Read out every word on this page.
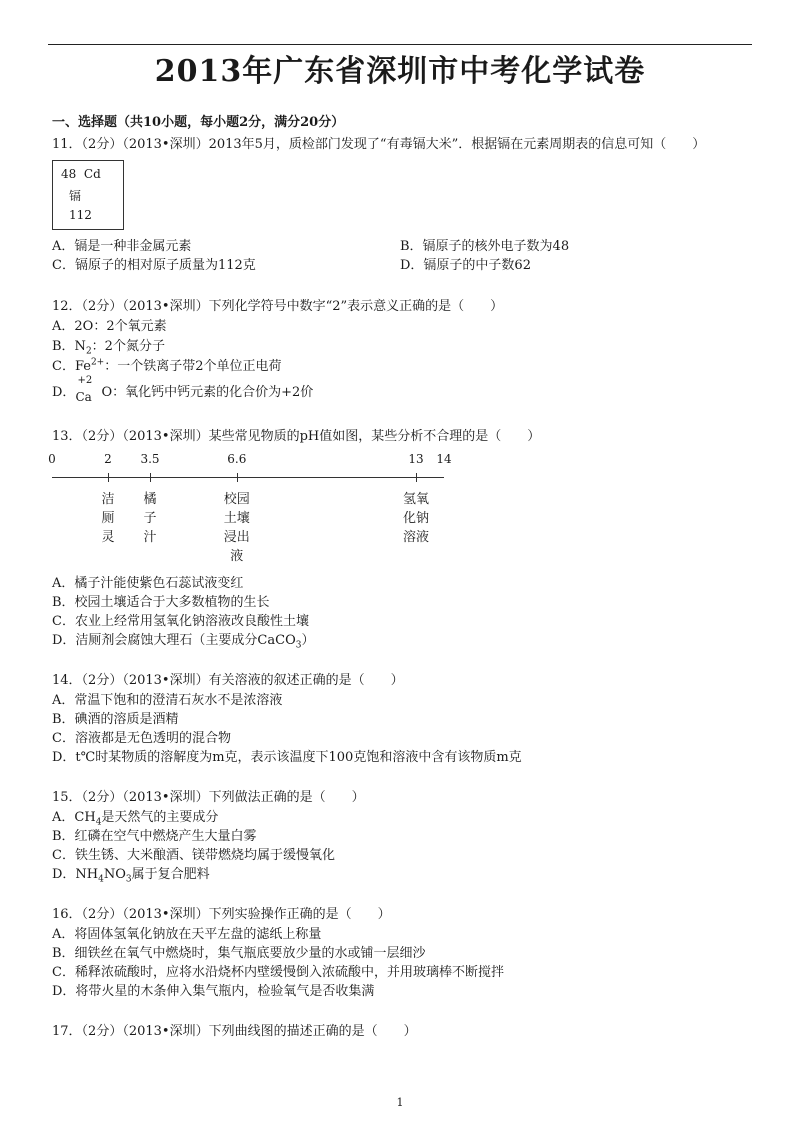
2013年广东省深圳市中考化学试卷
一、选择题（共10小题，每小题2分，满分20分）
11．（2分）（2013•深圳）2013年5月，质检部门发现了“有毒镉大米”．根据镉在元素周期表的信息可知（　　）
48 Cd
镉
112
A．镉是一种非金属元素	B．镉原子的核外电子数为48
C．镉原子的相对原子质量为112克	D．镉原子的中子数62
12．（2分）（2013•深圳）下列化学符号中数字“2”表示意义正确的是（　　）
A．2O：2个氧元素
B．$N_2$：2个氮分子
C．$Fe^{2+}$：一个铁离子带2个单位正电荷
D．
+2
Ca O：氧化钙中钙元素的化合价为+2价
13．（2分）（2013•深圳）某些常见物质的pH值如图，某些分析不合理的是（　　）
0	2 3.5	6.6	13 14
洁
厕
灵
橘
子
汁
校园
土壤
浸出
液
氢氧
化钠
溶液
A．橘子汁能使紫色石蕊试液变红
B．校园土壤适合于大多数植物的生长
C．农业上经常用氢氧化钠溶液改良酸性土壤
D．洁厕剂会腐蚀大理石（主要成分CaCO$_3$）
14．（2分）（2013•深圳）有关溶液的叙述正确的是（　　）
A．常温下饱和的澄清石灰水不是浓溶液
B．碘酒的溶质是酒精
C．溶液都是无色透明的混合物
D．t℃时某物质的溶解度为m克，表示该温度下100克饱和溶液中含有该物质m克
15．（2分）（2013•深圳）下列做法正确的是（　　）
A．$CH_4$是天然气的主要成分
B．红磷在空气中燃烧产生大量白雾
C．铁生锈、大米酿酒、镁带燃烧均属于缓慢氧化
D．$NH_4NO_3$属于复合肥料
16．（2分）（2013•深圳）下列实验操作正确的是（　　）
A．将固体氢氧化钠放在天平左盘的滤纸上称量
B．细铁丝在氧气中燃烧时，集气瓶底要放少量的水或铺一层细沙
C．稀释浓硫酸时，应将水沿烧杯内壁缓慢倒入浓硫酸中，并用玻璃棒不断搅拌
D．将带火星的木条伸入集气瓶内，检验氧气是否收集满
17．（2分）（2013•深圳）下列曲线图的描述正确的是（　　）
1
